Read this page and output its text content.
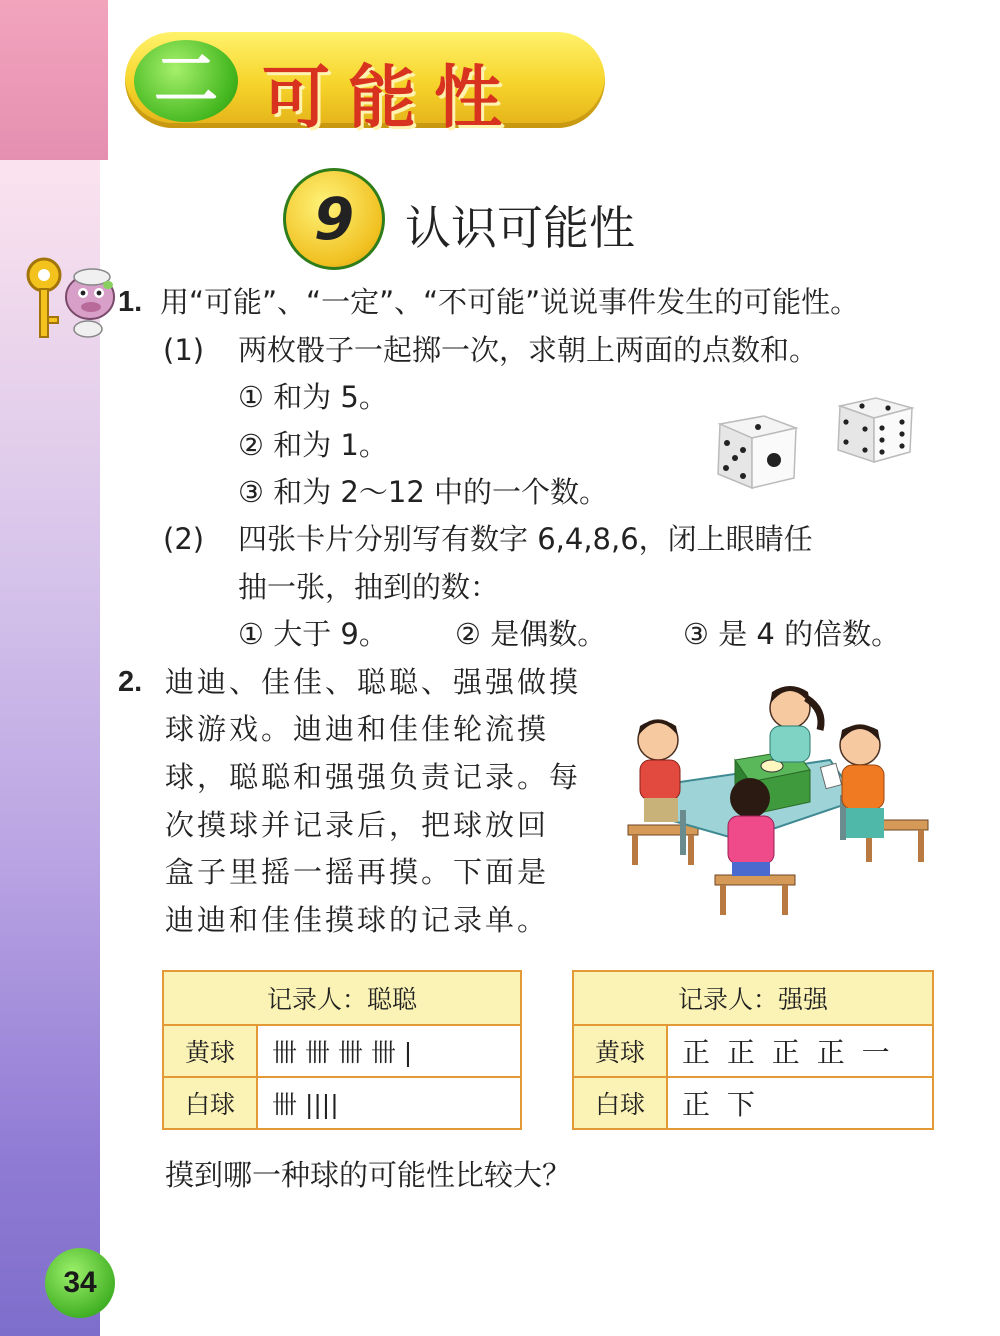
二 可能性
9	认识可能性
1. 用“可能”、“一定”、“不可能”说说事件发生的可能性。
(1) 两枚骰子一起掷一次，求朝上两面的点数和。
① 和为 5。
② 和为 1。
③ 和为 2～12 中的一个数。
(2) 四张卡片分别写有数字 6,4,8,6，闭上眼睛任
抽一张，抽到的数：
① 大于 9。 ② 是偶数。	③ 是 4 的倍数。
2. 迪迪、佳佳、聪聪、强强做摸
球游戏。迪迪和佳佳轮流摸
球，聪聪和强强负责记录。每
次摸球并记录后，把球放回
盒子里摇一摇再摸。下面是
迪迪和佳佳摸球的记录单。
记录人：聪聪	
黄球	卌 卌 卌 卌 |
白球	卌 ||||
记录人：强强	
黄球	正 正 正 正 一
白球	正 下
摸到哪一种球的可能性比较大？
34
